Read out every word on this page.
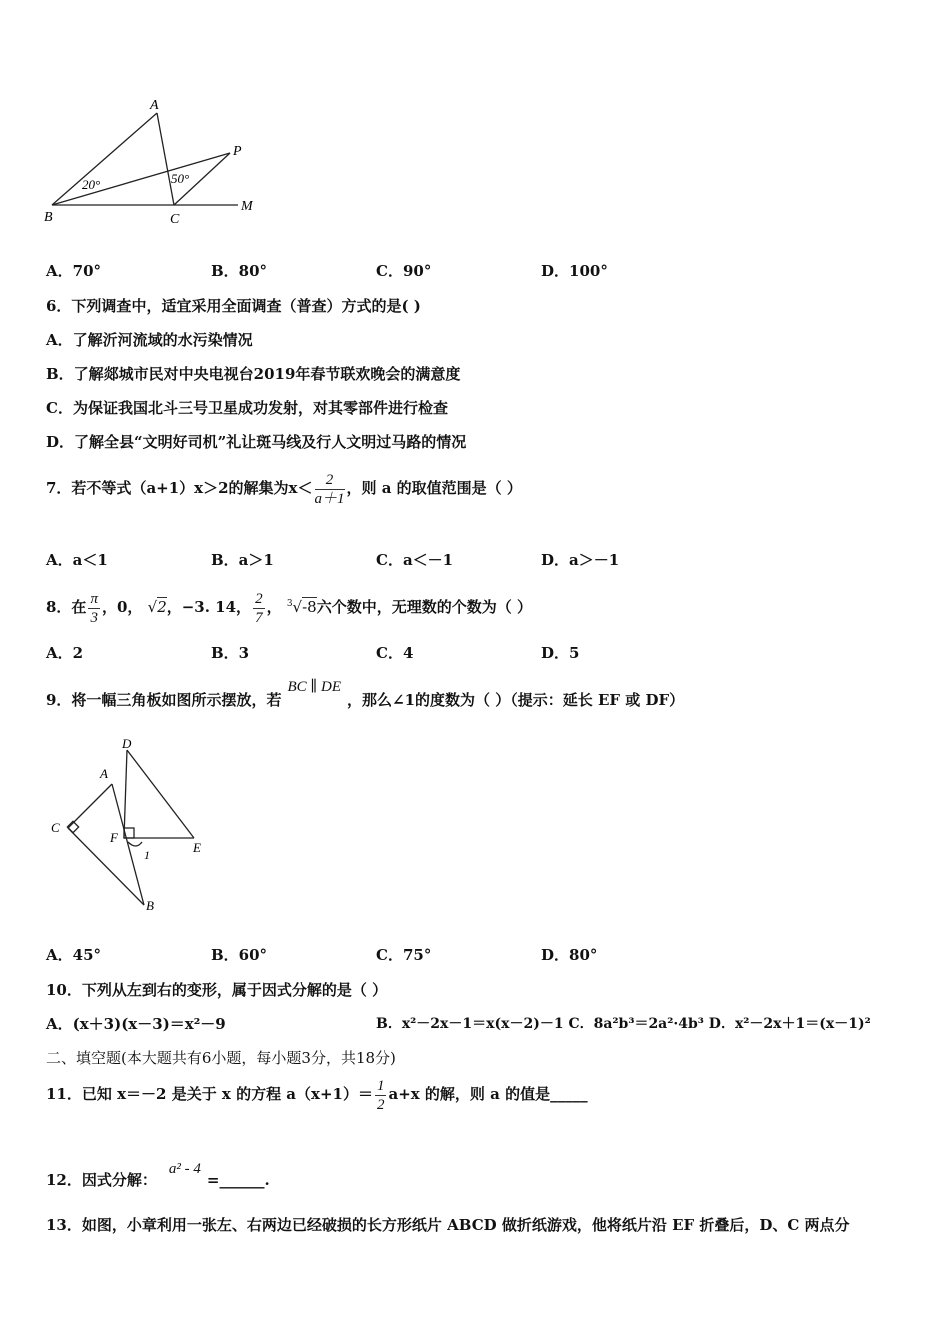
A
P
B	C
M
20°	50°
A．70°	B．80°	C．90°	D．100°
6．下列调查中，适宜采用全面调查（普查）方式的是( )
A．了解沂河流域的水污染情况
B．了解郯城市民对中央电视台2019年春节联欢晚会的满意度
C．为保证我国北斗三号卫星成功发射，对其零部件进行检查
D．了解全县“文明好司机”礼让斑马线及行人文明过马路的情况
7．若不等式（a+1）x＞2的解集为$x< \frac{2}{a+1}$ ，则 a 的取值范围是（ ）
A．a＜1	B．a＞1	C．a＜－1	D．a＞－1
8．在 $\frac{\pi}{3}$ ，0， √2，−3. 14， $\frac{2}{7}$ ， $^3$√-8六个数中，无理数的个数为（ ）
A．2	B．3	C．4	D．5
9．将一幅三角板如图所示摆放，若BC ∥ DE，那么∠1的度数为（ ）（提示：延长 EF 或 DF）
D
A
C
F
E
1
B
A．45°	B．60°	C．75°	D．80°
10．下列从左到右的变形，属于因式分解的是（ ）
A．(x＋3)(x－3)＝x²－9	B．x²－2x－1＝x(x－2)－1 C．8a²b³＝2a²·4b³ D．x²－2x＋1＝(x－1)²
二、填空题(本大题共有6小题，每小题3分，共18分)
11．已知 x＝－2 是关于 x 的方程 $a(x+1)= \frac{1}{2} a+x$ 的解，则 a 的值是_____
12．因式分解：a² - 4=______.
13．如图，小章利用一张左、右两边已经破损的长方形纸片 ABCD 做折纸游戏，他将纸片沿 EF 折叠后，D、C 两点分
